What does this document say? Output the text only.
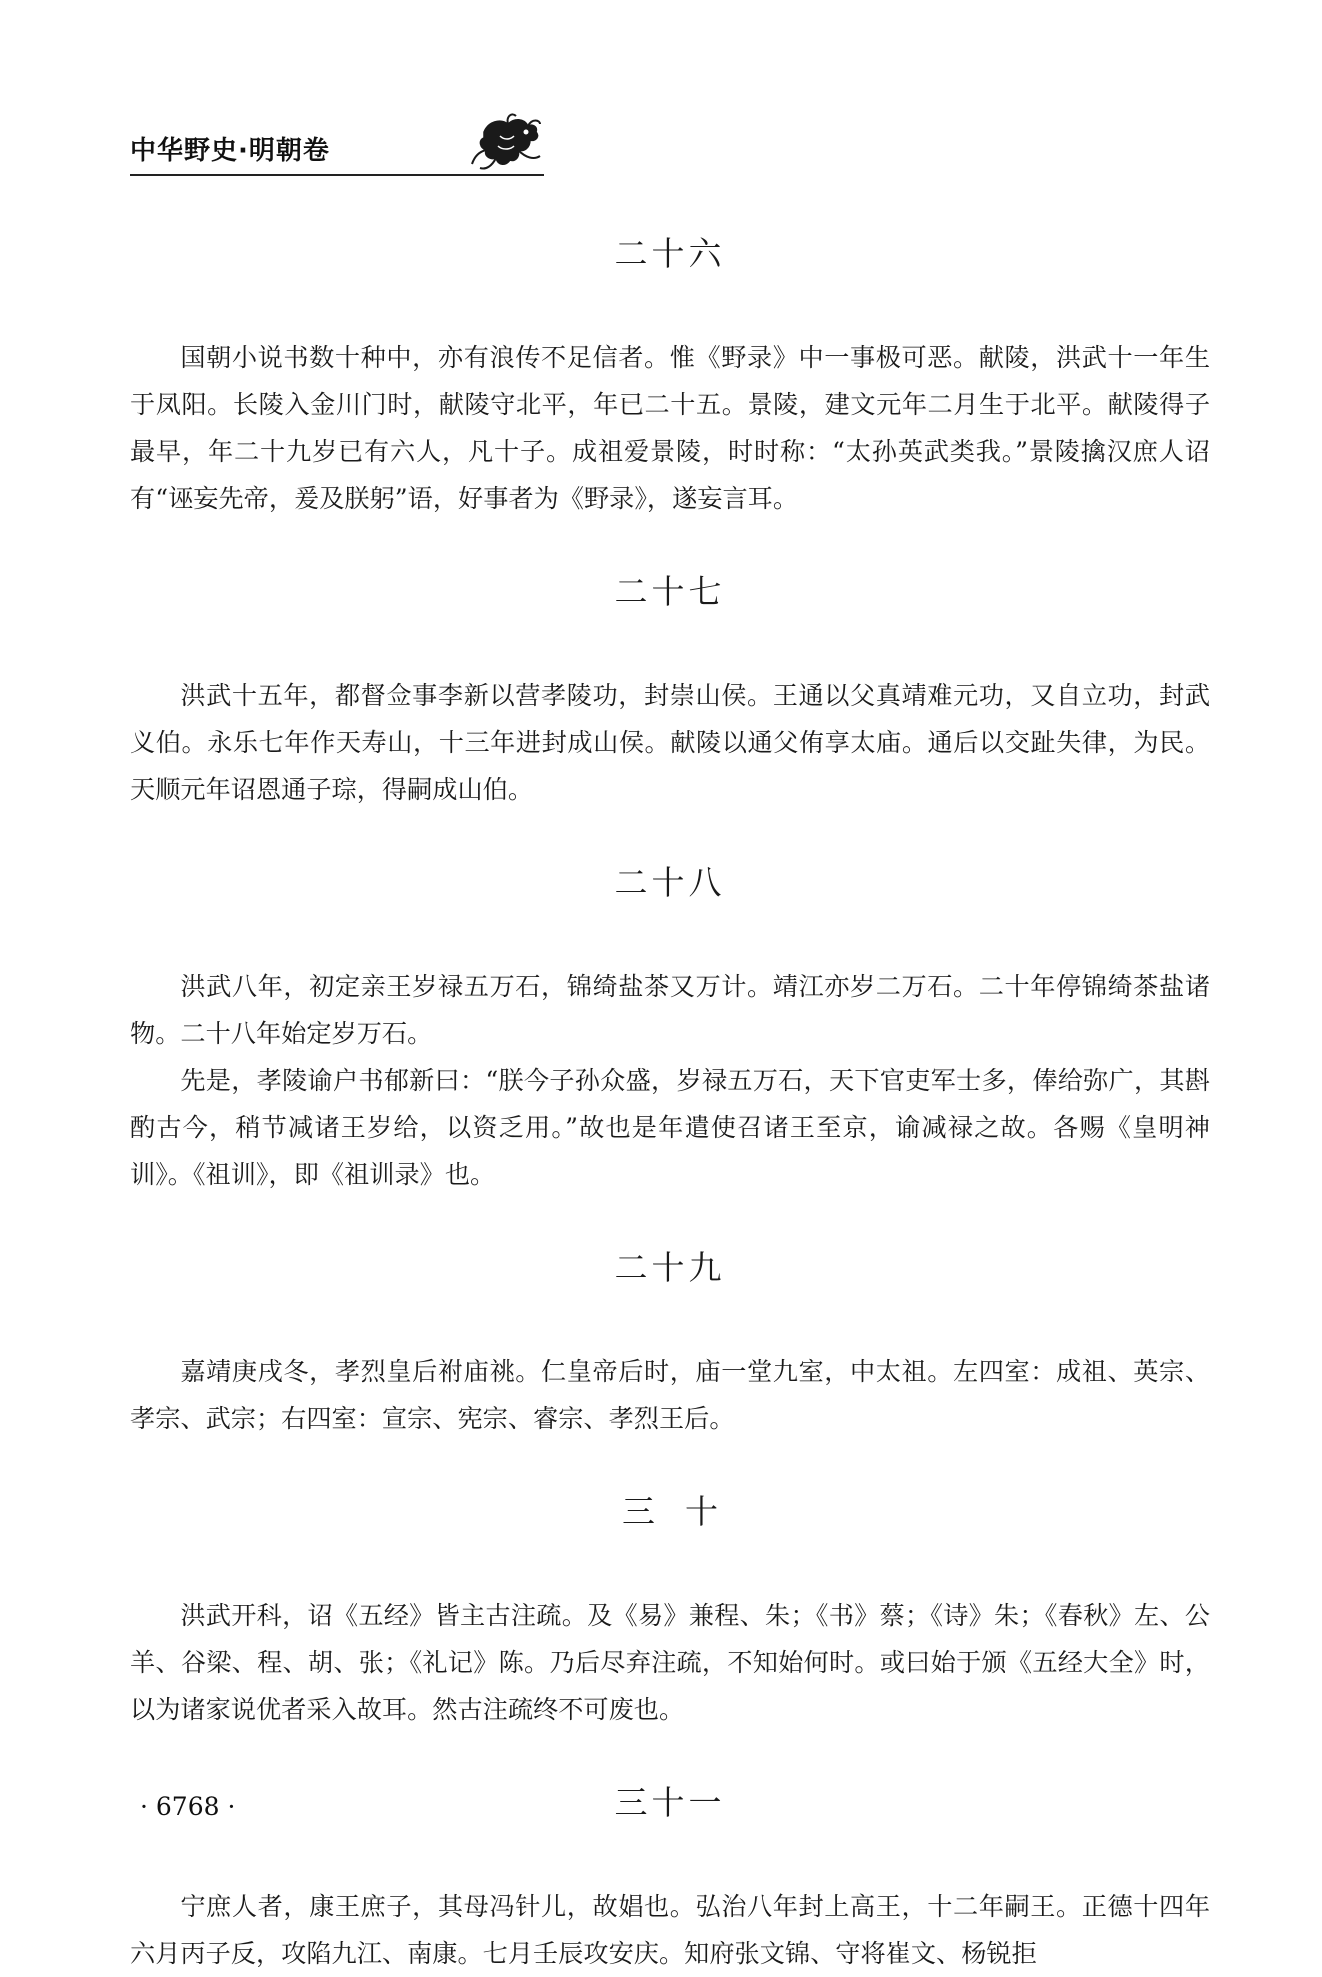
中华野史·明朝卷
二十六

国朝小说书数十种中，亦有浪传不足信者。惟《野录》中一事极可恶。献陵，洪武十一年生于凤阳。长陵入金川门时，献陵守北平，年已二十五。景陵，建文元年二月生于北平。献陵得子最早，年二十九岁已有六人，凡十子。成祖爱景陵，时时称：“太孙英武类我。”景陵擒汉庶人诏有“诬妄先帝，爰及朕躬”语，好事者为《野录》，遂妄言耳。

二十七

洪武十五年，都督佥事李新以营孝陵功，封崇山侯。王通以父真靖难元功，又自立功，封武义伯。永乐七年作天寿山，十三年进封成山侯。献陵以通父侑享太庙。通后以交趾失律，为民。天顺元年诏恩通子琮，得嗣成山伯。

二十八

洪武八年，初定亲王岁禄五万石，锦绮盐茶又万计。靖江亦岁二万石。二十年停锦绮茶盐诸物。二十八年始定岁万石。

先是，孝陵谕户书郁新曰：“朕今子孙众盛，岁禄五万石，天下官吏军士多，俸给弥广，其斟酌古今，稍节减诸王岁给，以资乏用。”故也是年遣使召诸王至京，谕减禄之故。各赐《皇明神训》。《祖训》，即《祖训录》也。

二十九

嘉靖庚戌冬，孝烈皇后祔庙祧。仁皇帝后时，庙一堂九室，中太祖。左四室：成祖、英宗、孝宗、武宗；右四室：宣宗、宪宗、睿宗、孝烈王后。

三十

洪武开科，诏《五经》皆主古注疏。及《易》兼程、朱；《书》蔡；《诗》朱；《春秋》左、公羊、谷梁、程、胡、张；《礼记》陈。乃后尽弃注疏，不知始何时。或曰始于颁《五经大全》时，以为诸家说优者采入故耳。然古注疏终不可废也。

三十一

宁庶人者，康王庶子，其母冯针儿，故娼也。弘治八年封上高王，十二年嗣王。正德十四年六月丙子反，攻陷九江、南康。七月壬辰攻安庆。知府张文锦、守将崔文、杨锐拒

· 6768 ·
